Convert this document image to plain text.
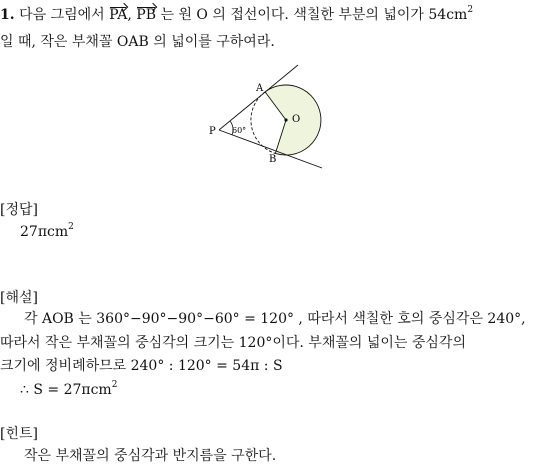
1. 다음 그림에서 PA, PB 는 원 O 의 접선이다. 색칠한 부분의 넓이가 $54cm^2$
일 때, 작은 부채꼴 OAB 의 넓이를 구하여라.
A
B
O
P 60°
[정답]
27πcm$^2$
[해설]
각 AOB 는 360°−90°−90°−60° = 120° , 따라서 색칠한 호의 중심각은 240°,
따라서 작은 부채꼴의 중심각의 크기는 120°이다. 부채꼴의 넓이는 중심각의
크기에 정비례하므로 240° : 120° = 54π : S
∴ S = 27πcm$^2$
[힌트]
작은 부채꼴의 중심각과 반지름을 구한다.
